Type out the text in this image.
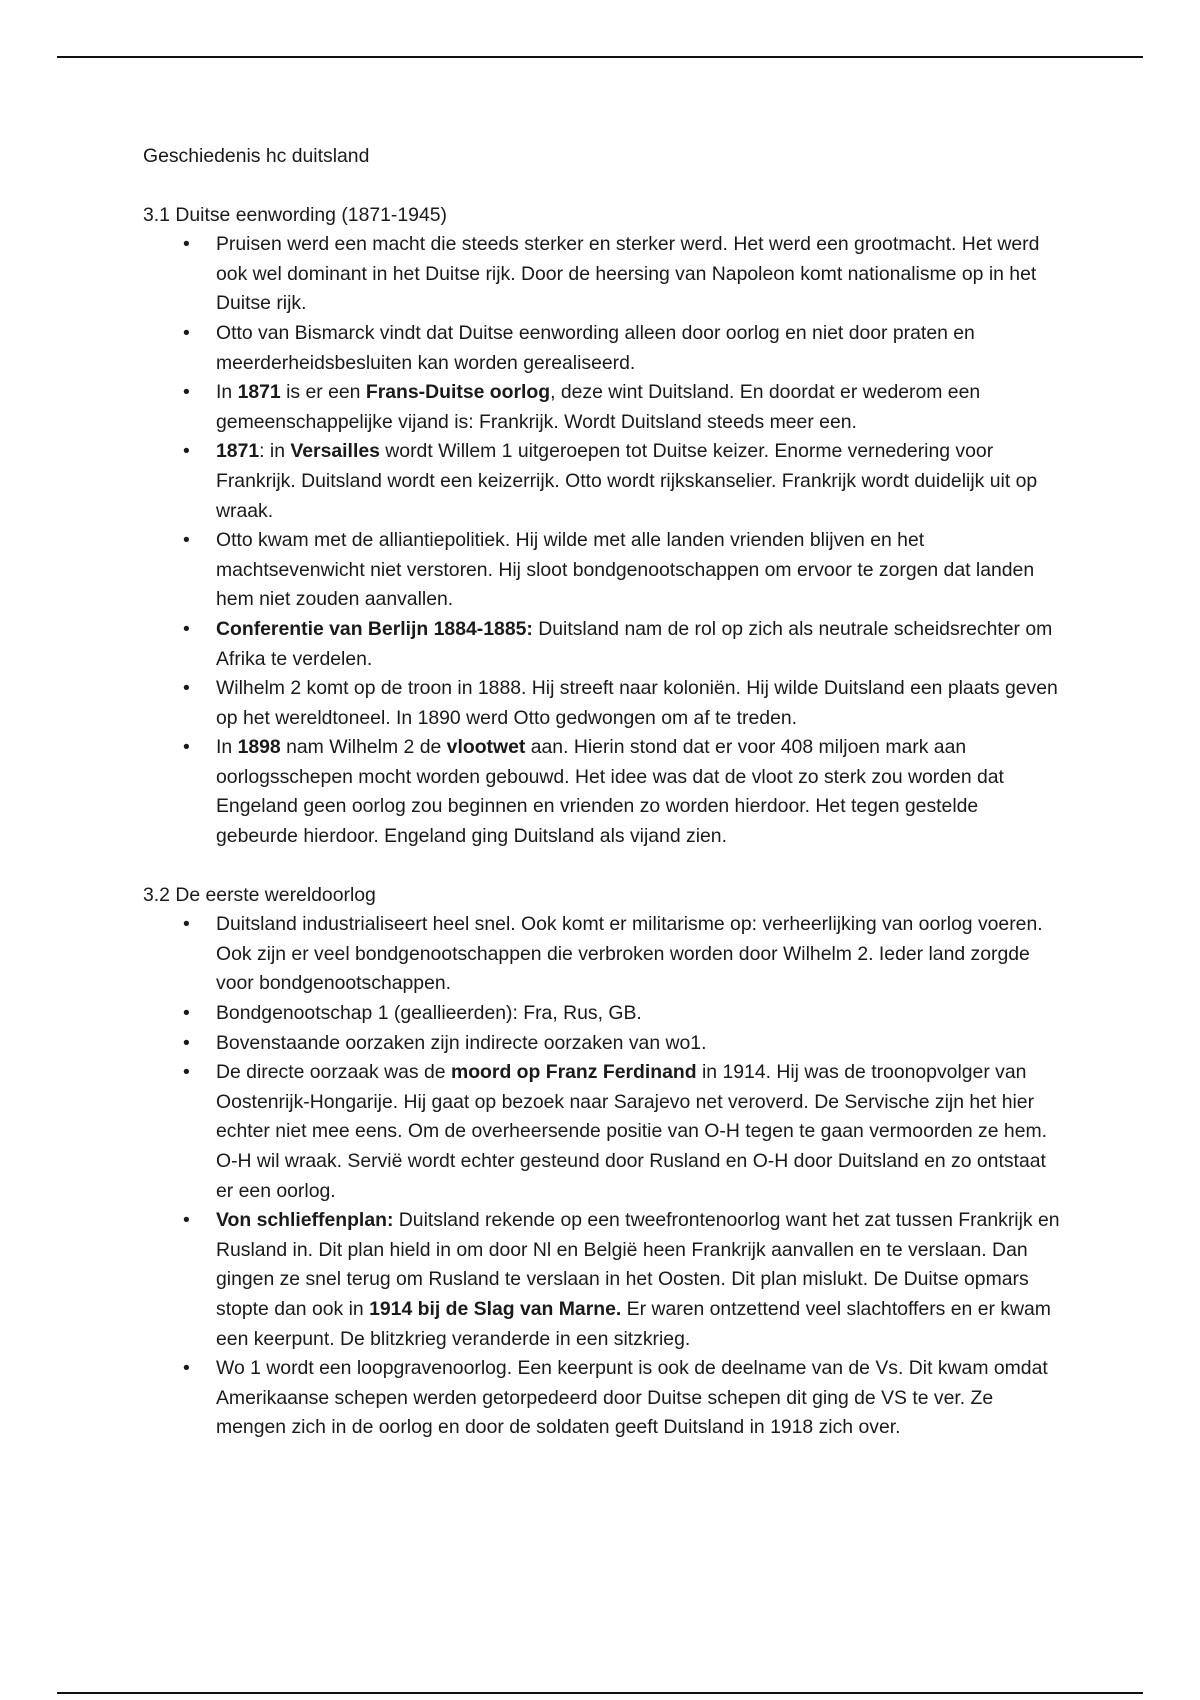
Geschiedenis hc duitsland

3.1 Duitse eenwording (1871-1945)
• Pruisen werd een macht die steeds sterker en sterker werd. Het werd een grootmacht. Het werd ook wel dominant in het Duitse rijk. Door de heersing van Napoleon komt nationalisme op in het Duitse rijk.
• Otto van Bismarck vindt dat Duitse eenwording alleen door oorlog en niet door praten en meerderheidsbesluiten kan worden gerealiseerd.
• In 1871 is er een Frans-Duitse oorlog, deze wint Duitsland. En doordat er wederom een gemeenschappelijke vijand is: Frankrijk. Wordt Duitsland steeds meer een.
• 1871: in Versailles wordt Willem 1 uitgeroepen tot Duitse keizer. Enorme vernedering voor Frankrijk. Duitsland wordt een keizerrijk. Otto wordt rijkskanselier. Frankrijk wordt duidelijk uit op wraak.
• Otto kwam met de alliantiepolitiek. Hij wilde met alle landen vrienden blijven en het machtsevenwicht niet verstoren. Hij sloot bondgenootschappen om ervoor te zorgen dat landen hem niet zouden aanvallen.
• Conferentie van Berlijn 1884-1885: Duitsland nam de rol op zich als neutrale scheidsrechter om Afrika te verdelen.
• Wilhelm 2 komt op de troon in 1888. Hij streeft naar koloniën. Hij wilde Duitsland een plaats geven op het wereldtoneel. In 1890 werd Otto gedwongen om af te treden.
• In 1898 nam Wilhelm 2 de vlootwet aan. Hierin stond dat er voor 408 miljoen mark aan oorlogsschepen mocht worden gebouwd. Het idee was dat de vloot zo sterk zou worden dat Engeland geen oorlog zou beginnen en vrienden zo worden hierdoor. Het tegen gestelde gebeurde hierdoor. Engeland ging Duitsland als vijand zien.
3.2 De eerste wereldoorlog
• Duitsland industrialiseert heel snel. Ook komt er militarisme op: verheerlijking van oorlog voeren. Ook zijn er veel bondgenootschappen die verbroken worden door Wilhelm 2. Ieder land zorgde voor bondgenootschappen.
• Bondgenootschap 1 (geallieerden): Fra, Rus, GB.
• Bovenstaande oorzaken zijn indirecte oorzaken van wo1.
• De directe oorzaak was de moord op Franz Ferdinand in 1914. Hij was de troonopvolger van Oostenrijk-Hongarije. Hij gaat op bezoek naar Sarajevo net veroverd. De Servische zijn het hier echter niet mee eens. Om de overheersende positie van O-H tegen te gaan vermoorden ze hem. O-H wil wraak. Servië wordt echter gesteund door Rusland en O-H door Duitsland en zo ontstaat er een oorlog.
• Von schlieffenplan: Duitsland rekende op een tweefrontenoorlog want het zat tussen Frankrijk en Rusland in. Dit plan hield in om door Nl en België heen Frankrijk aanvallen en te verslaan. Dan gingen ze snel terug om Rusland te verslaan in het Oosten. Dit plan mislukt. De Duitse opmars stopte dan ook in 1914 bij de Slag van Marne. Er waren ontzettend veel slachtoffers en er kwam een keerpunt. De blitzkrieg veranderde in een sitzkrieg.
• Wo 1 wordt een loopgravenoorlog. Een keerpunt is ook de deelname van de Vs. Dit kwam omdat Amerikaanse schepen werden getorpedeerd door Duitse schepen dit ging de VS te ver. Ze mengen zich in de oorlog en door de soldaten geeft Duitsland in 1918 zich over.
